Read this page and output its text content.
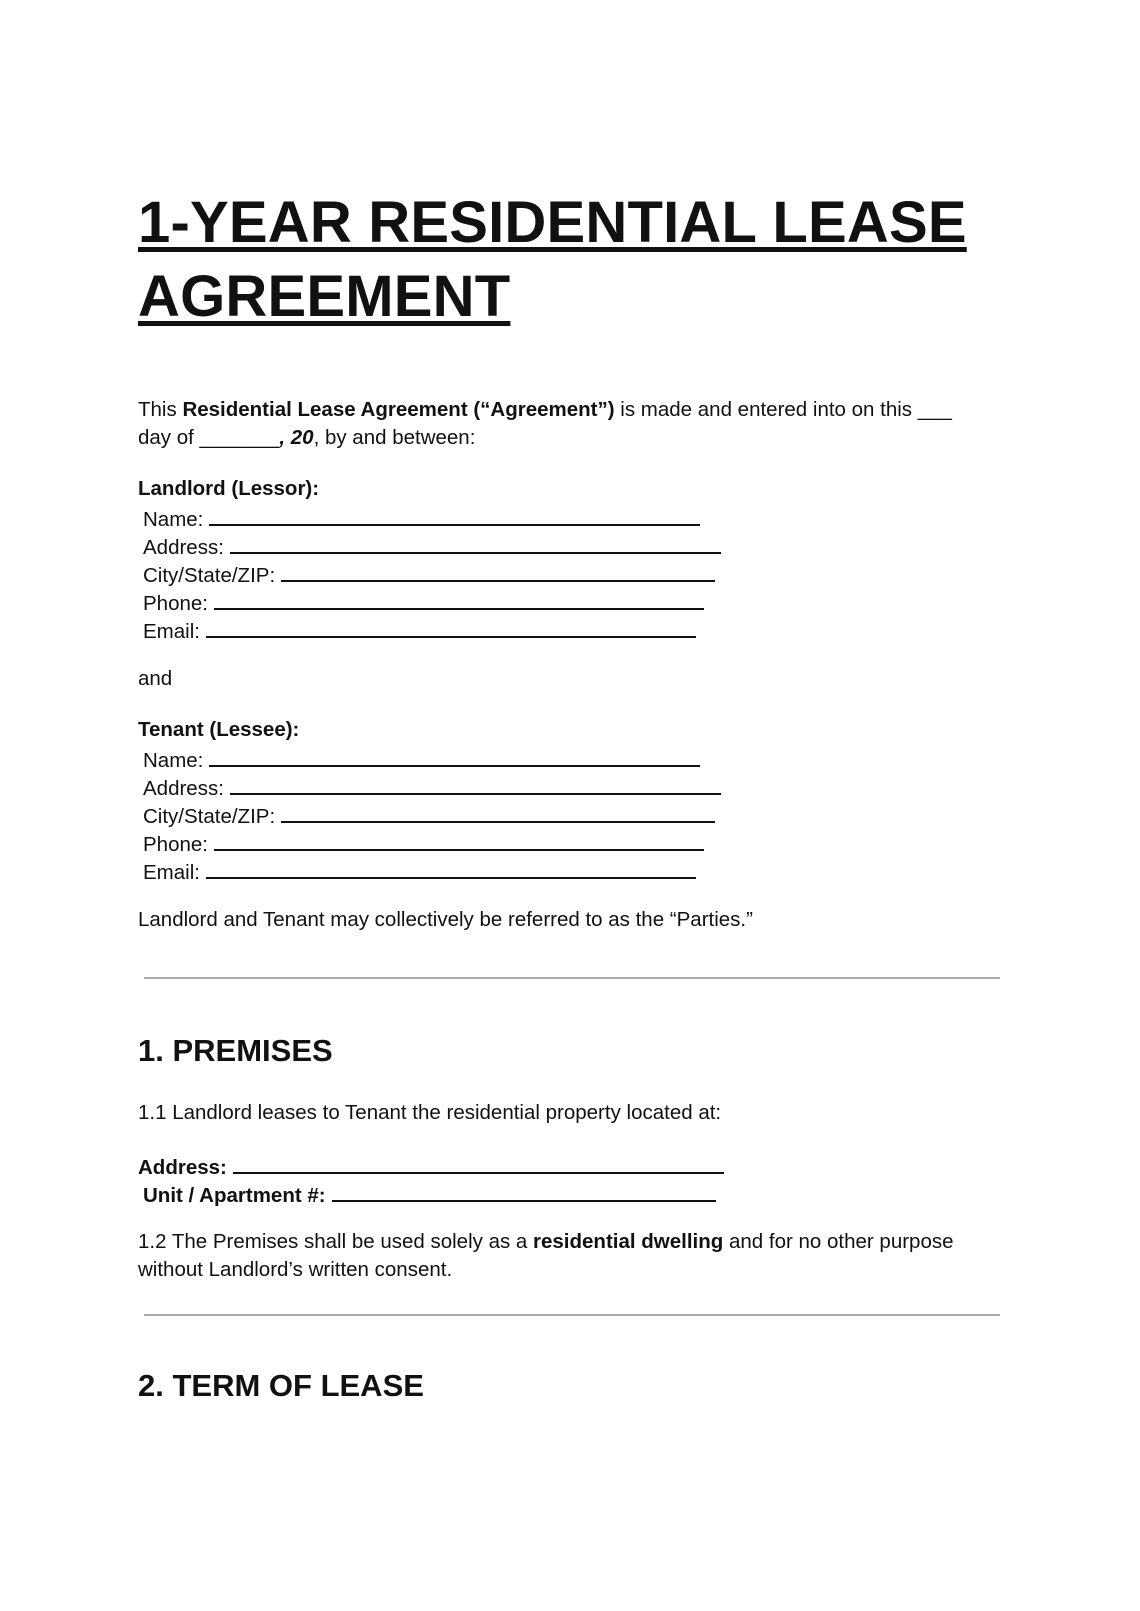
1-YEAR RESIDENTIAL LEASE AGREEMENT
This Residential Lease Agreement (“Agreement”) is made and entered into on this ___
day of _______, 20, by and between:
Landlord (Lessor):
Name:
Address:
City/State/ZIP:
Phone:
Email:
and
Tenant (Lessee):
Name:
Address:
City/State/ZIP:
Phone:
Email:
Landlord and Tenant may collectively be referred to as the “Parties.”
1. PREMISES
1.1 Landlord leases to Tenant the residential property located at:
Address:
Unit / Apartment #:
1.2 The Premises shall be used solely as a residential dwelling and for no other purpose
without Landlord’s written consent.
2. TERM OF LEASE
